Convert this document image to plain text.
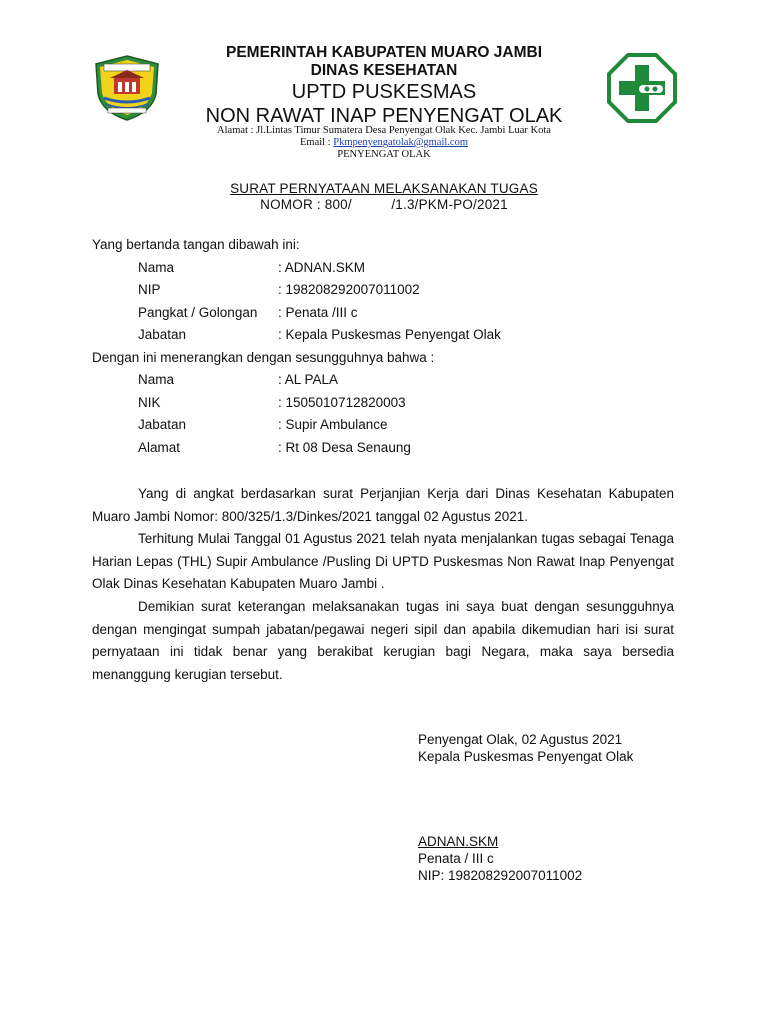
PEMERINTAH KABUPATEN MUARO JAMBI
DINAS KESEHATAN
UPTD PUSKESMAS
NON RAWAT INAP PENYENGAT OLAK
Alamat : Jl.Lintas Timur Sumatera Desa Penyengat Olak Kec. Jambi Luar Kota
Email : Pkmpenyengatolak@gmail.com
PENYENGAT OLAK
SURAT PERNYATAAN MELAKSANAKAN TUGAS
NOMOR : 800/          /1.3/PKM-PO/2021
Yang bertanda tangan dibawah ini:
Nama	: ADNAN.SKM
NIP	: 198208292007011002
Pangkat / Golongan	: Penata /III c
Jabatan	: Kepala Puskesmas Penyengat Olak
Dengan ini menerangkan dengan sesungguhnya bahwa :
Nama	: AL PALA
NIK	: 1505010712820003
Jabatan	: Supir Ambulance
Alamat	: Rt 08 Desa Senaung

Yang di angkat berdasarkan surat Perjanjian Kerja dari Dinas Kesehatan Kabupaten Muaro Jambi Nomor: 800/325/1.3/Dinkes/2021 tanggal 02 Agustus 2021.

Terhitung Mulai Tanggal 01 Agustus 2021 telah nyata menjalankan tugas sebagai Tenaga Harian Lepas (THL) Supir Ambulance /Pusling Di UPTD Puskesmas Non Rawat Inap Penyengat Olak Dinas Kesehatan Kabupaten Muaro Jambi .

Demikian surat keterangan melaksanakan tugas ini saya buat dengan sesungguhnya dengan mengingat sumpah jabatan/pegawai negeri sipil dan apabila dikemudian hari isi surat pernyataan ini tidak benar yang berakibat kerugian bagi Negara, maka saya bersedia menanggung kerugian tersebut.

Penyengat Olak, 02 Agustus 2021
Kepala Puskesmas Penyengat Olak
ADNAN.SKM
Penata / III c
NIP: 198208292007011002
